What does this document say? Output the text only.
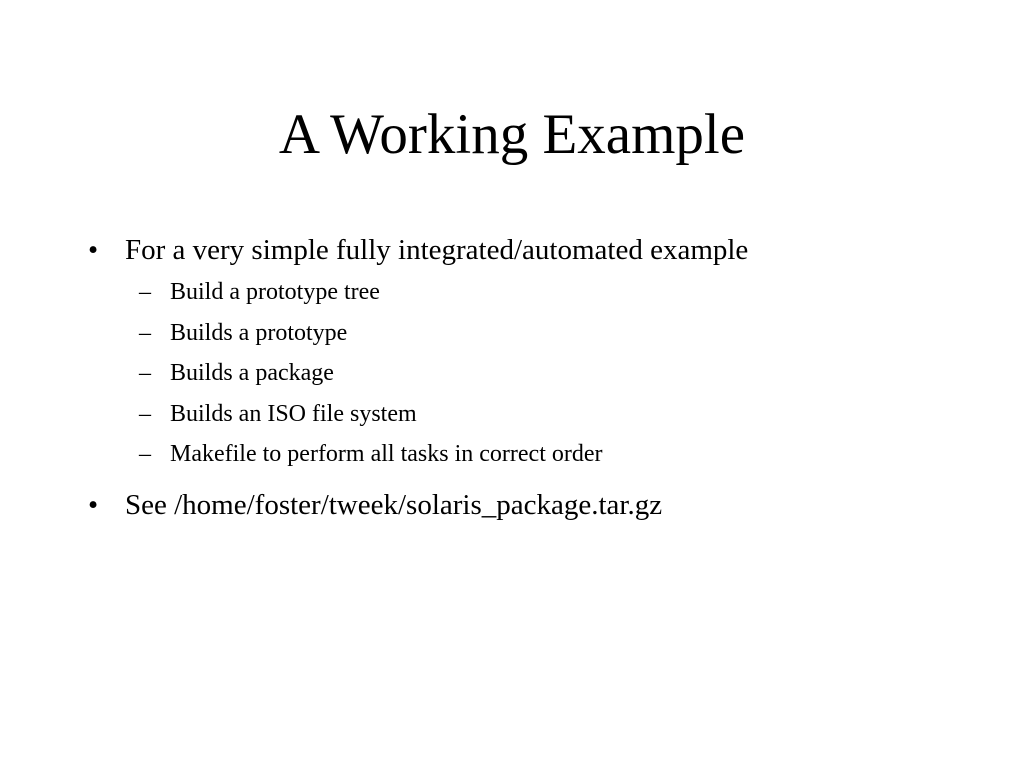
A Working Example
• For a very simple fully integrated/automated example
– Build a prototype tree
– Builds a prototype
– Builds a package
– Builds an ISO file system
– Makefile to perform all tasks in correct order
• See /home/foster/tweek/solaris_package.tar.gz
